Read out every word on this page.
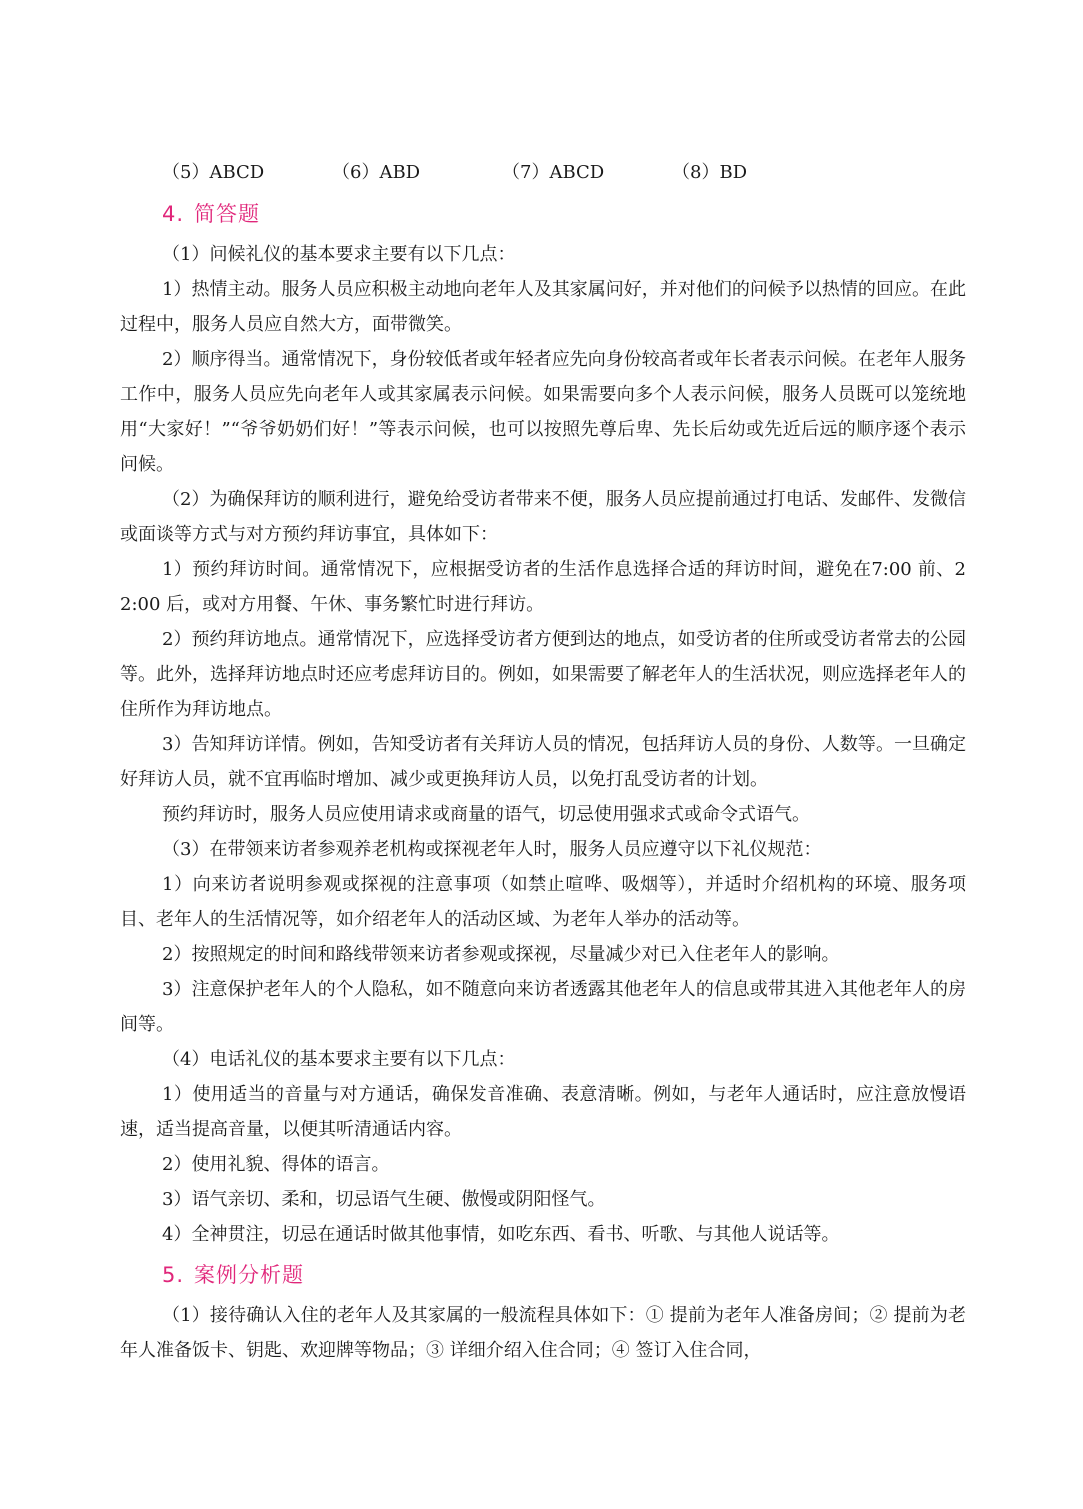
（5）ABCD	（6）ABD	（7）ABCD	（8）BD
4. 简答题

（1）问候礼仪的基本要求主要有以下几点：

1）热情主动。服务人员应积极主动地向老年人及其家属问好，并对他们的问候予以热情的回应。在此过程中，服务人员应自然大方，面带微笑。

2）顺序得当。通常情况下，身份较低者或年轻者应先向身份较高者或年长者表示问候。在老年人服务工作中，服务人员应先向老年人或其家属表示问候。如果需要向多个人表示问候，服务人员既可以笼统地用“大家好！”“爷爷奶奶们好！”等表示问候，也可以按照先尊后卑、先长后幼或先近后远的顺序逐个表示问候。

（2）为确保拜访的顺利进行，避免给受访者带来不便，服务人员应提前通过打电话、发邮件、发微信或面谈等方式与对方预约拜访事宜，具体如下：

1）预约拜访时间。通常情况下，应根据受访者的生活作息选择合适的拜访时间，避免在7:00 前、22:00 后，或对方用餐、午休、事务繁忙时进行拜访。

2）预约拜访地点。通常情况下，应选择受访者方便到达的地点，如受访者的住所或受访者常去的公园等。此外，选择拜访地点时还应考虑拜访目的。例如，如果需要了解老年人的生活状况，则应选择老年人的住所作为拜访地点。

3）告知拜访详情。例如，告知受访者有关拜访人员的情况，包括拜访人员的身份、人数等。一旦确定好拜访人员，就不宜再临时增加、减少或更换拜访人员，以免打乱受访者的计划。

预约拜访时，服务人员应使用请求或商量的语气，切忌使用强求式或命令式语气。

（3）在带领来访者参观养老机构或探视老年人时，服务人员应遵守以下礼仪规范：

1）向来访者说明参观或探视的注意事项（如禁止喧哗、吸烟等），并适时介绍机构的环境、服务项目、老年人的生活情况等，如介绍老年人的活动区域、为老年人举办的活动等。

2）按照规定的时间和路线带领来访者参观或探视，尽量减少对已入住老年人的影响。

3）注意保护老年人的个人隐私，如不随意向来访者透露其他老年人的信息或带其进入其他老年人的房间等。

（4）电话礼仪的基本要求主要有以下几点：

1）使用适当的音量与对方通话，确保发音准确、表意清晰。例如，与老年人通话时，应注意放慢语速，适当提高音量，以便其听清通话内容。

2）使用礼貌、得体的语言。

3）语气亲切、柔和，切忌语气生硬、傲慢或阴阳怪气。

4）全神贯注，切忌在通话时做其他事情，如吃东西、看书、听歌、与其他人说话等。

5. 案例分析题

（1）接待确认入住的老年人及其家属的一般流程具体如下：① 提前为老年人准备房间；② 提前为老年人准备饭卡、钥匙、欢迎牌等物品；③ 详细介绍入住合同；④ 签订入住合同，
